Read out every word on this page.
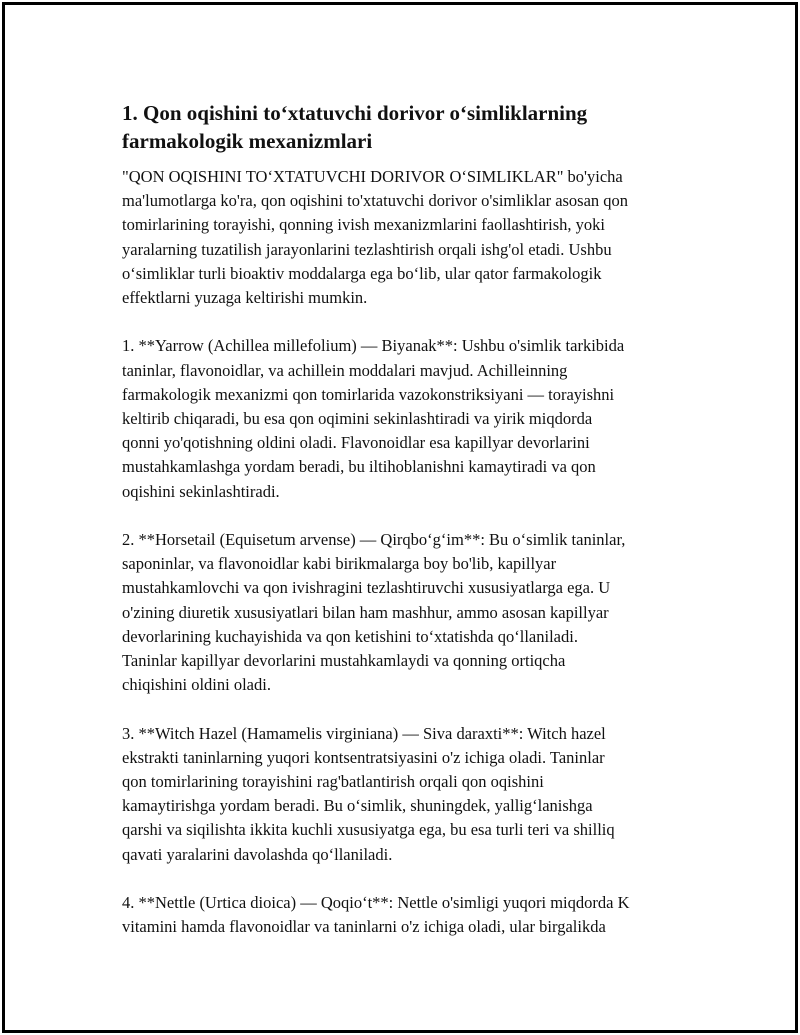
1. Qon oqishini to‘xtatuvchi dorivor o‘simliklarning
farmakologik mexanizmlari

"QON OQISHINI TO‘XTATUVCHI DORIVOR O‘SIMLIKLAR" bo'yicha
ma'lumotlarga ko'ra, qon oqishini to'xtatuvchi dorivor o'simliklar asosan qon
tomirlarining torayishi, qonning ivish mexanizmlarini faollashtirish, yoki
yaralarning tuzatilish jarayonlarini tezlashtirish orqali ishg'ol etadi. Ushbu
o‘simliklar turli bioaktiv moddalarga ega bo‘lib, ular qator farmakologik
effektlarni yuzaga keltirishi mumkin.

1. **Yarrow (Achillea millefolium) — Biyanak**: Ushbu o'simlik tarkibida
taninlar, flavonoidlar, va achillein moddalari mavjud. Achilleinning
farmakologik mexanizmi qon tomirlarida vazokonstriksiyani — torayishni
keltirib chiqaradi, bu esa qon oqimini sekinlashtiradi va yirik miqdorda
qonni yo'qotishning oldini oladi. Flavonoidlar esa kapillyar devorlarini
mustahkamlashga yordam beradi, bu iltihoblanishni kamaytiradi va qon
oqishini sekinlashtiradi.

2. **Horsetail (Equisetum arvense) — Qirqbo‘g‘im**: Bu o‘simlik taninlar,
saponinlar, va flavonoidlar kabi birikmalarga boy bo'lib, kapillyar
mustahkamlovchi va qon ivishragini tezlashtiruvchi xususiyatlarga ega. U
o'zining diuretik xususiyatlari bilan ham mashhur, ammo asosan kapillyar
devorlarining kuchayishida va qon ketishini to‘xtatishda qo‘llaniladi.
Taninlar kapillyar devorlarini mustahkamlaydi va qonning ortiqcha
chiqishini oldini oladi.

3. **Witch Hazel (Hamamelis virginiana) — Siva daraxti**: Witch hazel
ekstrakti taninlarning yuqori kontsentratsiyasini o'z ichiga oladi. Taninlar
qon tomirlarining torayishini rag'batlantirish orqali qon oqishini
kamaytirishga yordam beradi. Bu o‘simlik, shuningdek, yallig‘lanishga
qarshi va siqilishta ikkita kuchli xususiyatga ega, bu esa turli teri va shilliq
qavati yaralarini davolashda qo‘llaniladi.

4. **Nettle (Urtica dioica) — Qoqio‘t**: Nettle o'simligi yuqori miqdorda K
vitamini hamda flavonoidlar va taninlarni o'z ichiga oladi, ular birgalikda
